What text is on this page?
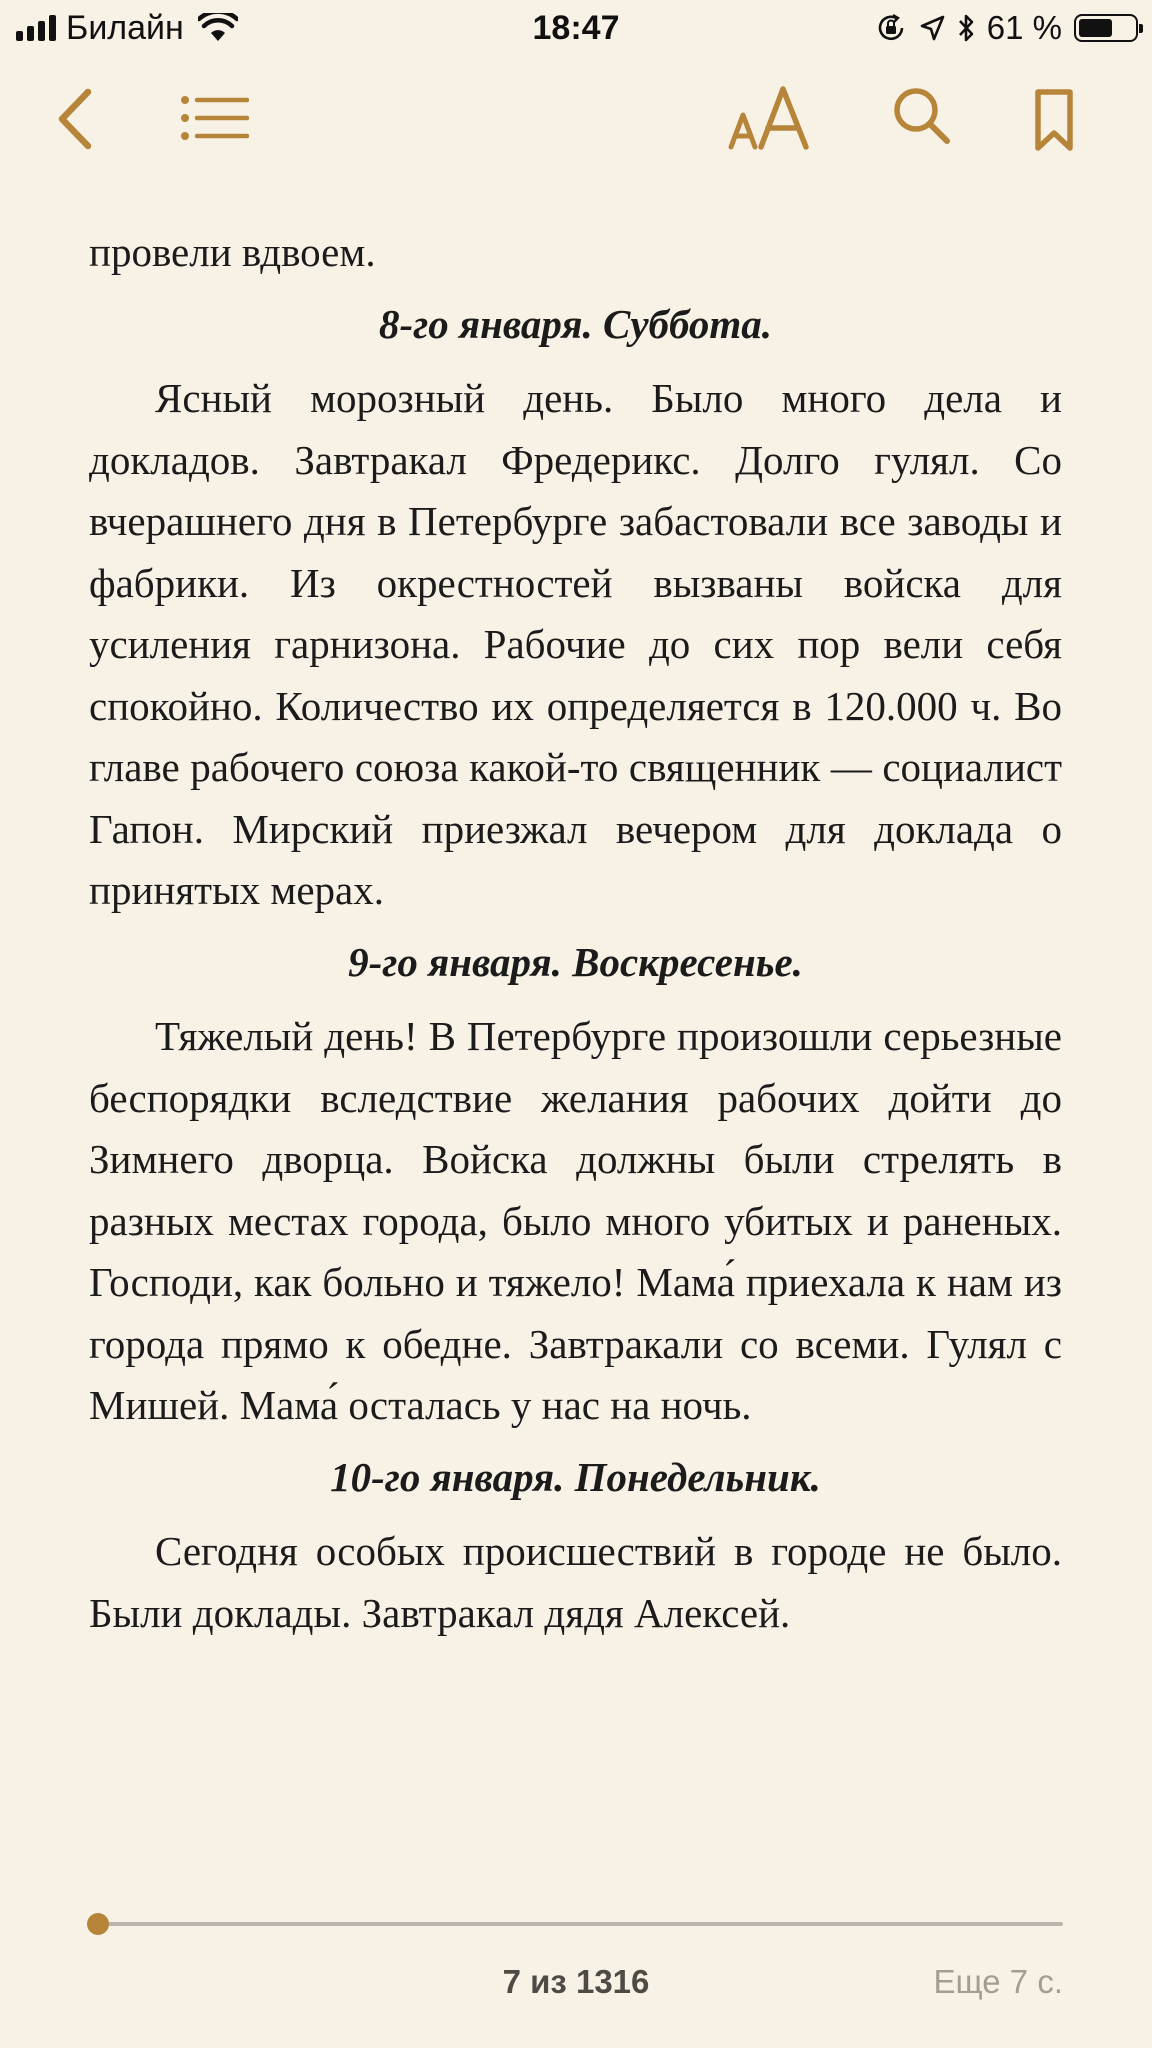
Билайн	18:47	61 %

провели вдвоем.

8-го января. Суббота.

Ясный морозный день. Было много дела и докладов. Завтракал Фредерикс. Долго гулял. Со вчерашнего дня в Петербурге забастовали все заводы и фабрики. Из окрестностей вызваны войска для усиления гарнизона. Рабочие до сих пор вели себя спокойно. Количество их определяется в 120.000 ч. Во главе рабочего союза какой-то священник — социалист Гапон. Мирский приезжал вечером для доклада о принятых мерах.

9-го января. Воскресенье.

Тяжелый день! В Петербурге произошли серьезные беспорядки вследствие желания рабочих дойти до Зимнего дворца. Войска должны были стрелять в разных местах города, было много убитых и раненых. Господи, как больно и тяжело! Мама́ приехала к нам из города прямо к обедне. Завтракали со всеми. Гулял с Мишей. Мама́ осталась у нас на ночь.

10-го января. Понедельник.

Сегодня особых происшествий в городе не было. Были доклады. Завтракал дядя Алексей.

7 из 1316	Еще 7 с.
